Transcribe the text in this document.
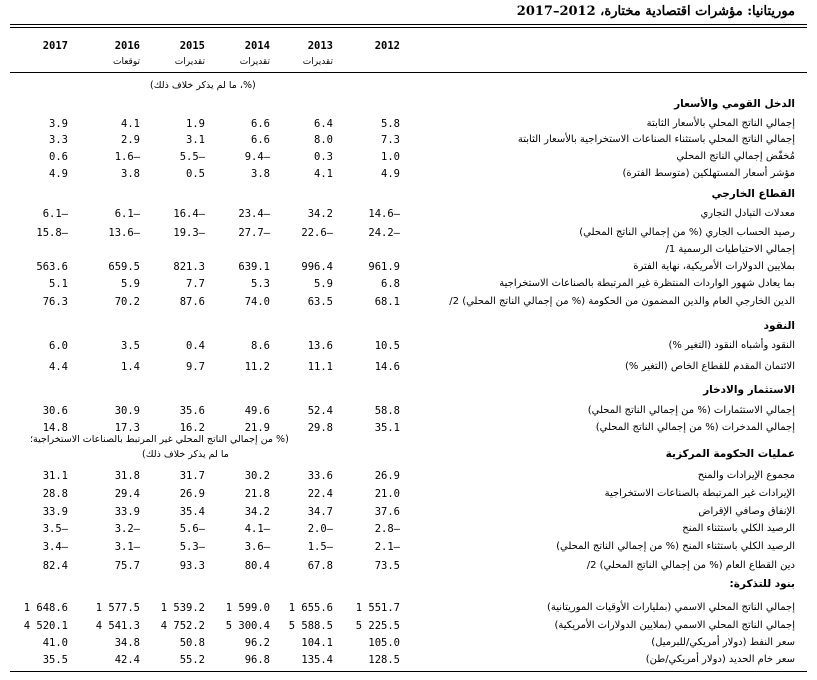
موريتانيا: مؤشرات اقتصادية مختارة، 2012–2017
(%، ما لم يذكر خلاف ذلك)
2012
2013
تقديرات
2014
تقديرات
2015
تقديرات
2016
توقعات
2017
الدخل القومي والأسعار
إجمالي الناتج المحلي بالأسعار الثابتة
5.8
6.4
6.6
1.9
4.1
3.9
إجمالي الناتج المحلي باستثناء الصناعات الاستخراجية بالأسعار الثابتة
7.3
8.0
6.6
3.1
2.9
3.3
مُخفّض إجمالي الناتج المحلي
1.0
0.3
9.4–
5.5–
1.6–
0.6
مؤشر أسعار المستهلكين (متوسط الفترة)
4.9
4.1
3.8
0.5
3.8
4.9
القطاع الخارجي
معدلات التبادل التجاري
14.6–
34.2
23.4–
16.4–
6.1–
6.1–
رصيد الحساب الجاري (% من إجمالي الناتج المحلي)
24.2–
22.6–
27.7–
19.3–
13.6–
15.8–
إجمالي الاحتياطيات الرسمية 1/
بملايين الدولارات الأمريكية، نهاية الفترة
961.9
996.4
639.1
821.3
659.5
563.6
بما يعادل شهور الواردات المنتظرة غير المرتبطة بالصناعات الاستخراجية
6.8
5.9
5.3
7.7
5.9
5.1
الدين الخارجي العام والدين المضمون من الحكومة (% من إجمالي الناتج المحلي) 2/
68.1
63.5
74.0
87.6
70.2
76.3
النقود
النقود وأشباه النقود (التغير %)
10.5
13.6
8.6
0.4
3.5
6.0
الائتمان المقدم للقطاع الخاص (التغير %)
14.6
11.1
11.2
9.7
1.4
4.4
الاستثمار والادخار
إجمالي الاستثمارات (% من إجمالي الناتج المحلي)
58.8
52.4
49.6
35.6
30.9
30.6
إجمالي المدخرات (% من إجمالي الناتج المحلي)
35.1
29.8
21.9
16.2
17.3
14.8
عمليات الحكومة المركزية
مجموع الإيرادات والمنح
26.9
33.6
30.2
31.7
31.8
31.1
الإيرادات غير المرتبطة بالصناعات الاستخراجية
21.0
22.4
21.8
26.9
29.4
28.8
الإنفاق وصافي الإقراض
37.6
34.7
34.2
35.4
33.9
33.9
الرصيد الكلي باستثناء المنح
2.8–
2.0–
4.1–
5.6–
3.2–
3.5–
الرصيد الكلي باستثناء المنح (% من إجمالي الناتج المحلي)
2.1–
1.5–
3.6–
5.3–
3.1–
3.4–
دين القطاع العام (% من إجمالي الناتج المحلي) 2/
73.5
67.8
80.4
93.3
75.7
82.4
بنود للتذكرة:
إجمالي الناتج المحلي الاسمي (بمليارات الأوقيات الموريتانية)
1 551.7
1 655.6
1 599.0
1 539.2
1 577.5
1 648.6
إجمالي الناتج المحلي الاسمي (بملايين الدولارات الأمريكية)
5 225.5
5 588.5
5 300.4
4 752.2
4 541.3
4 520.1
سعر النفط (دولار أمريكي/للبرميل)
105.0
104.1
96.2
50.8
34.8
41.0
سعر خام الحديد (دولار أمريكي/طن)
128.5
135.4
96.8
55.2
42.4
35.5
(% من إجمالي الناتج المحلي غير المرتبط بالصناعات الاستخراجية؛
ما لم يذكر خلاف ذلك)
